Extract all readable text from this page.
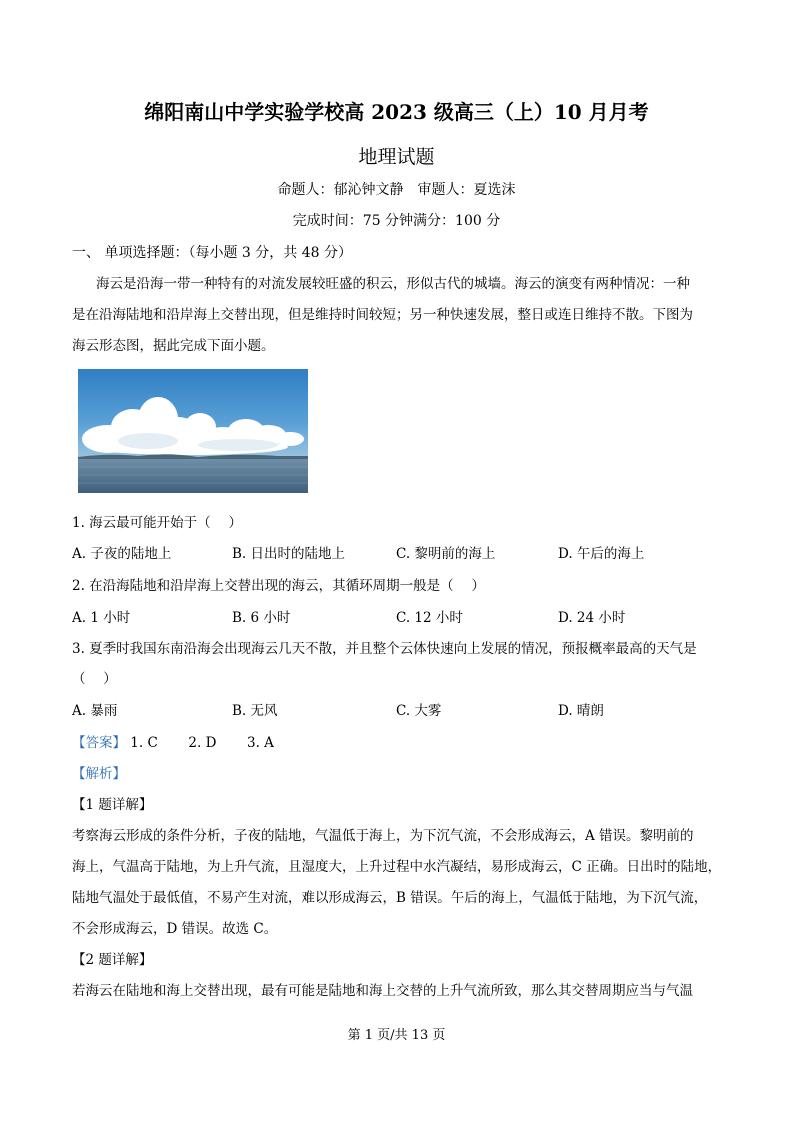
绵阳南山中学实验学校高 2023 级高三（上）10 月月考
地理试题
命题人：郁沁钟文静　审题人：夏选沫
完成时间：75 分钟满分：100 分
一、 单项选择题：（每小题 3 分，共 48 分）
海云是沿海一带一种特有的对流发展较旺盛的积云，形似古代的城墙。海云的演变有两种情况：一种
是在沿海陆地和沿岸海上交替出现，但是维持时间较短；另一种快速发展，整日或连日维持不散。下图为
海云形态图，据此完成下面小题。
1. 海云最可能开始于（　 ）
A. 子夜的陆地上	B. 日出时的陆地上	C. 黎明前的海上	D. 午后的海上
2. 在沿海陆地和沿岸海上交替出现的海云，其循环周期一般是（　 ）
A. 1 小时	B. 6 小时	C. 12 小时	D. 24 小时
3. 夏季时我国东南沿海会出现海云几天不散，并且整个云体快速向上发展的情况，预报概率最高的天气是
（　 ）
A. 暴雨	B. 无风	C. 大雾	D. 晴朗
【答案】 1. C 2. D 3. A
【解析】
【1 题详解】
考察海云形成的条件分析，子夜的陆地，气温低于海上，为下沉气流，不会形成海云，A 错误。黎明前的
海上，气温高于陆地，为上升气流，且湿度大，上升过程中水汽凝结，易形成海云，C 正确。日出时的陆地，
陆地气温处于最低值，不易产生对流，难以形成海云，B 错误。午后的海上，气温低于陆地，为下沉气流，
不会形成海云，D 错误。故选 C。
【2 题详解】
若海云在陆地和海上交替出现，最有可能是陆地和海上交替的上升气流所致，那么其交替周期应当与气温
第 1 页/共 13 页
